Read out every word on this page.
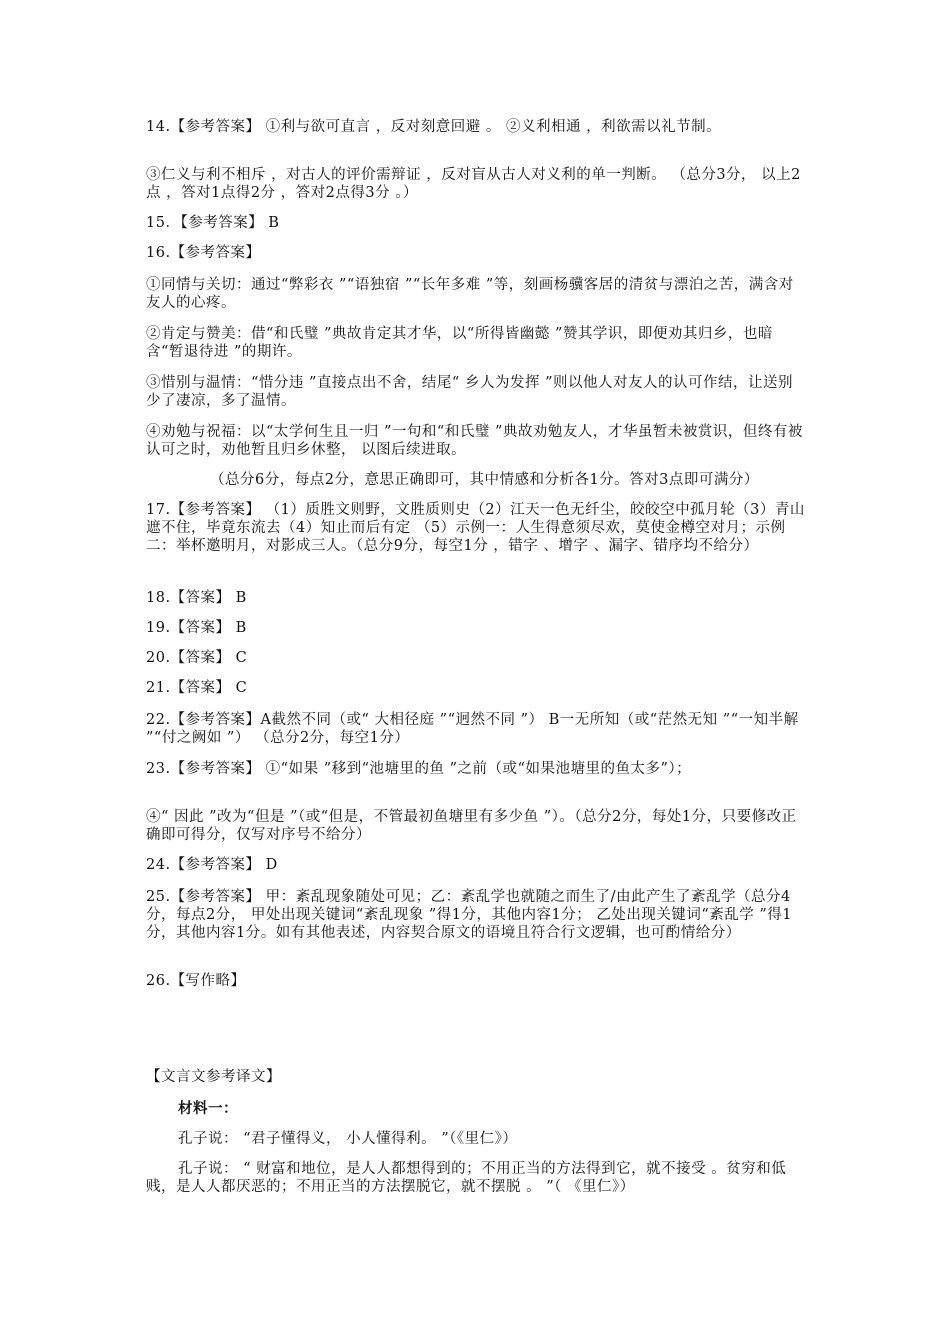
14.【参考答案】 ①利与欲可直言 ，反对刻意回避 。 ②义利相通 ，利欲需以礼节制。

③仁义与利不相斥 ，对古人的评价需辩证 ，反对盲从古人对义利的单一判断。 （总分3分， 以上2点 ，答对1点得2分 ，答对2点得3分 。）

15．【参考答案】 B

16.【参考答案】

①同情与关切：通过“弊彩衣 ”“语独宿 ”“长年多难 ”等，刻画杨骥客居的清贫与漂泊之苦，满含对友人的心疼。

②肯定与赞美：借“和氏璧 ”典故肯定其才华，以“所得皆幽懿 ”赞其学识，即便劝其归乡，也暗含“暂退待进 ”的期许。

③惜别与温情：“惜分违 ”直接点出不舍，结尾“ 乡人为发挥 ”则以他人对友人的认可作结，让送别少了凄凉，多了温情。

④劝勉与祝福：以“太学何生且一归 ”一句和“和氏璧 ”典故劝勉友人，才华虽暂未被赏识，但终有被认可之时，劝他暂且归乡休整， 以图后续进取。

（总分6分，每点2分，意思正确即可，其中情感和分析各1分。答对3点即可满分）

17.【参考答案】 （1）质胜文则野，文胜质则史（2）江天一色无纤尘，皎皎空中孤月轮（3）青山遮不住，毕竟东流去（4）知止而后有定 （5）示例一：人生得意须尽欢，莫使金樽空对月；示例二：举杯邀明月，对影成三人。（总分9分，每空1分 ，错字 、增字 、漏字、错序均不给分）

18.【答案】 B

19.【答案】 B

20.【答案】 C

21.【答案】 C

22.【参考答案】A截然不同（或“ 大相径庭 ”“迥然不同 ”） B一无所知（或“茫然无知 ”“一知半解 ”“付之阙如 ”） （总分2分，每空1分）

23.【参考答案】 ①“如果 ”移到“池塘里的鱼 ”之前（或“如果池塘里的鱼太多”）；

④“ 因此 ”改为“但是 ”（或“但是，不管最初鱼塘里有多少鱼 ”）。（总分2分，每处1分，只要修改正确即可得分，仅写对序号不给分）

24.【参考答案】 D

25.【参考答案】 甲：紊乱现象随处可见；乙：紊乱学也就随之而生了/由此产生了紊乱学（总分4分，每点2分， 甲处出现关键词“紊乱现象 ”得1分，其他内容1分； 乙处出现关键词“紊乱学 ”得1分，其他内容1分。如有其他表述，内容契合原文的语境且符合行文逻辑，也可酌情给分）

26.【写作略】

【文言文参考译文】

材料一：

孔子说： “君子懂得义， 小人懂得利。 ”（《里仁》）

孔子说： “ 财富和地位，是人人都想得到的；不用正当的方法得到它，就不接受 。贫穷和低贱，是人人都厌恶的；不用正当的方法摆脱它，就不摆脱 。 ”（ 《里仁》）
